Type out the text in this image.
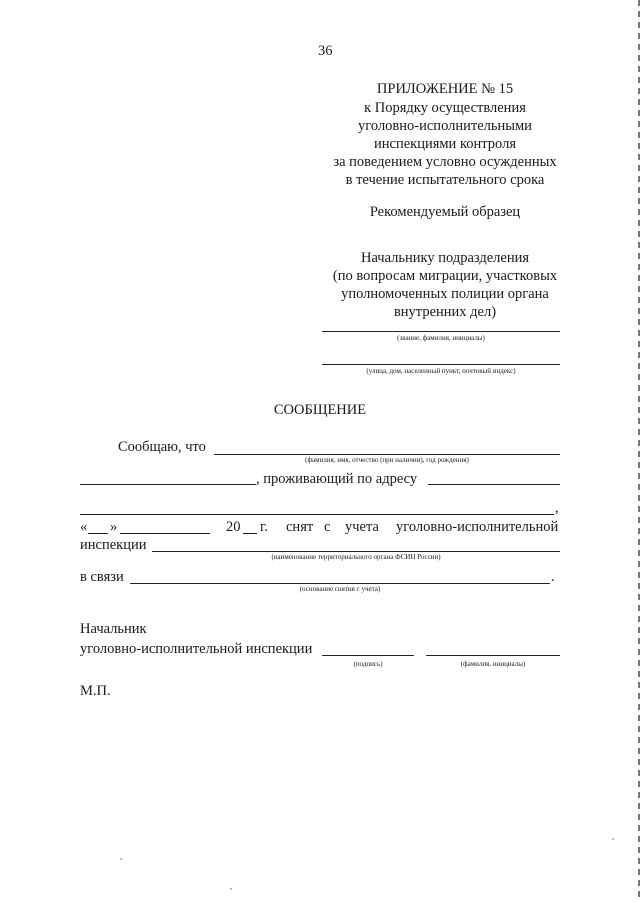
36
ПРИЛОЖЕНИЕ № 15
к Порядку осуществления
уголовно-исполнительными
инспекциями контроля
за поведением условно осужденных
в течение испытательного срока
Рекомендуемый образец
Начальнику подразделения
(по вопросам миграции, участковых
уполномоченных полиции органа
внутренних дел)
(звание, фамилия, инициалы)
(улица, дом, населенный пункт, почтовый индекс)
СООБЩЕНИЕ
Сообщаю, что
(фамилия, имя, отчество (при наличии), год рождения)
, проживающий по адресу
,
« »	20 г. снят с учета уголовно-исполнительной
инспекции
(наименование территориального органа ФСИН России)
в связи	.
(основание снятия с учета)
Начальник
уголовно-исполнительной инспекции
(подпись)	(фамилия, инициалы)
М.П.
